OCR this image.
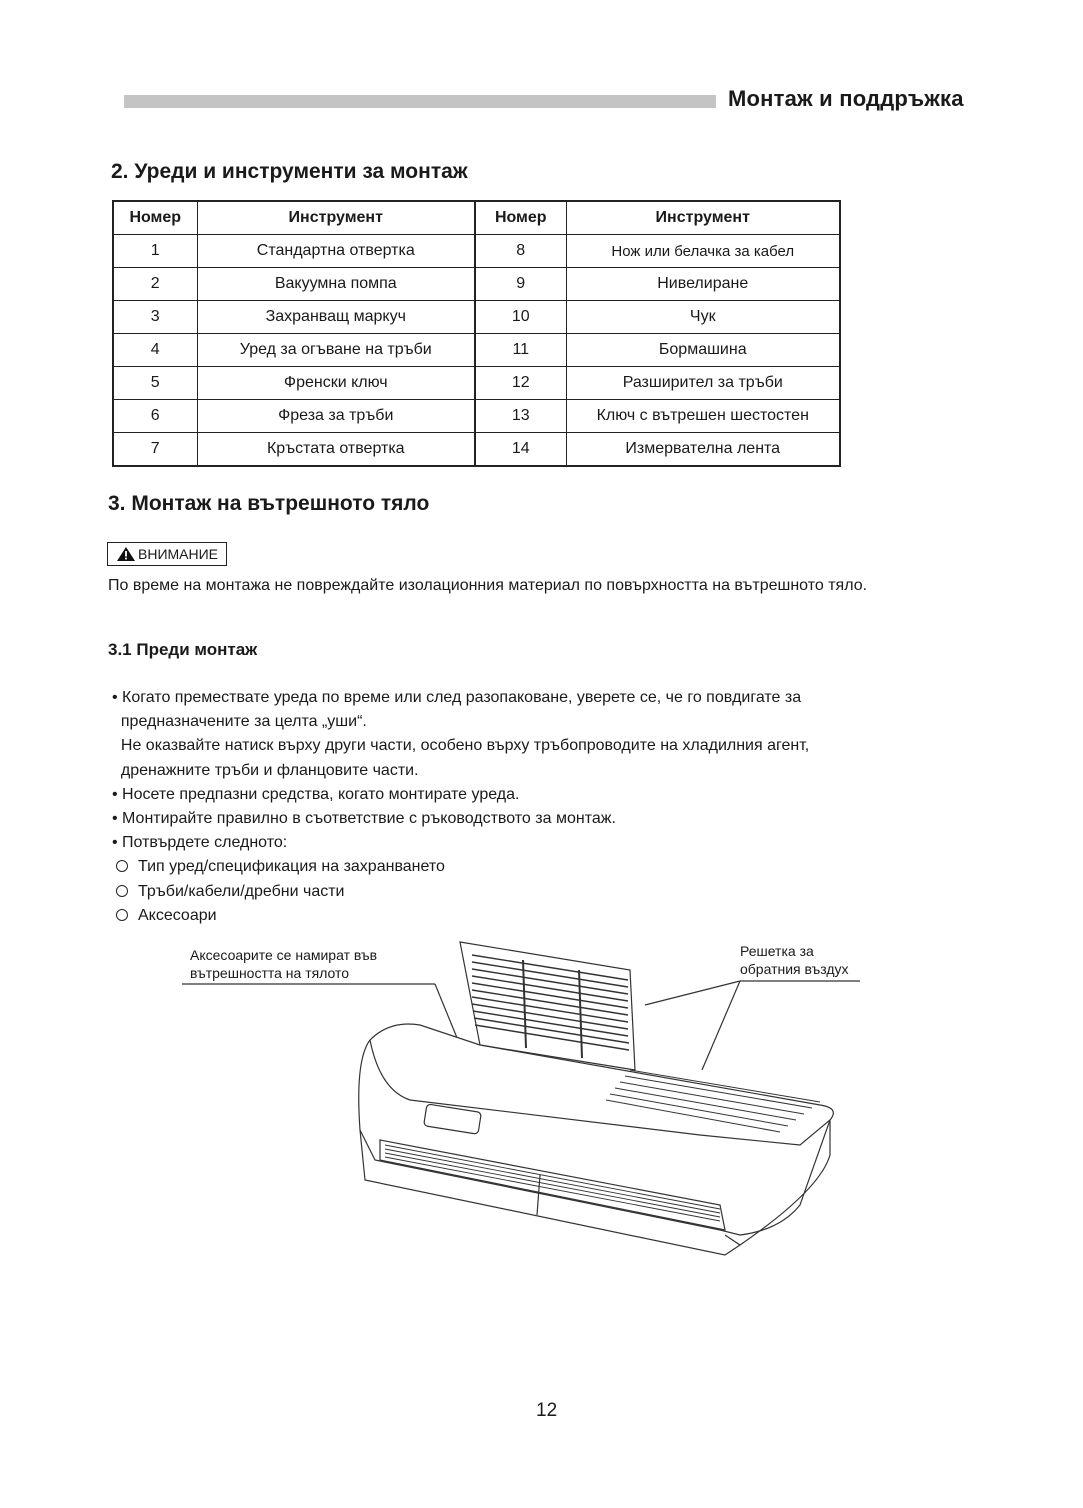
Монтаж и поддръжка
2. Уреди и инструменти за монтаж
Номер	Инструмент	Номер	Инструмент
1	Стандартна отвертка	8	Нож или белачка за кабел
2	Вакуумна помпа	9	Нивелиране
3	Захранващ маркуч	10	Чук
4	Уред за огъване на тръби	11	Бормашина
5	Френски ключ	12	Разширител за тръби
6	Фреза за тръби	13	Ключ с вътрешен шестостен
7	Кръстата отвертка	14	Измервателна лента
3. Монтаж на вътрешното тяло
ВНИМАНИЕ
По време на монтажа не повреждайте изолационния материал по повърхността на вътрешното тяло.
3.1 Преди монтаж
• Когато премествате уреда по време или след разопаковане, уверете се, че го повдигате за
предназначените за целта „уши“.
Не оказвайте натиск върху други части, особено върху тръбопроводите на хладилния агент,
дренажните тръби и фланцовите части.
• Носете предпазни средства, когато монтирате уреда.
• Монтирайте правилно в съответствие с ръководството за монтаж.
• Потвърдете следното:
Тип уред/спецификация на захранването
Тръби/кабели/дребни части
Аксесоари
Аксесоарите се намират във
вътрешността на тялото
Решетка за
обратния въздух
12
